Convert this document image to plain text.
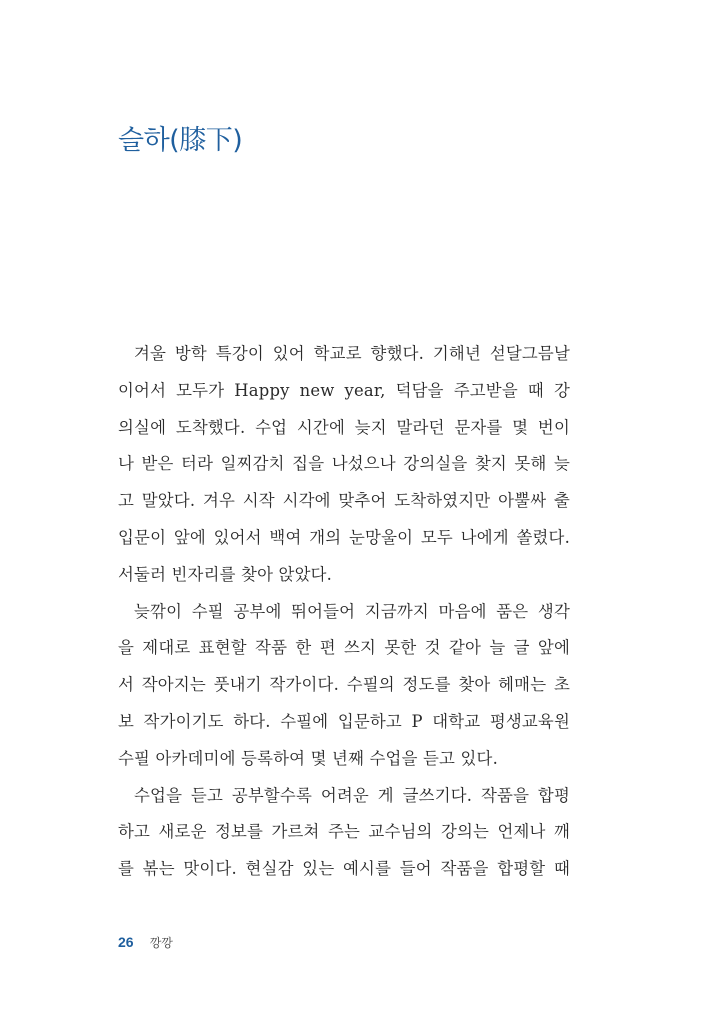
슬하(膝下)
겨울 방학 특강이 있어 학교로 향했다. 기해년 섣달그믐날
이어서 모두가 Happy new year, 덕담을 주고받을 때 강
의실에 도착했다. 수업 시간에 늦지 말라던 문자를 몇 번이
나 받은 터라 일찌감치 집을 나섰으나 강의실을 찾지 못해 늦
고 말았다. 겨우 시작 시각에 맞추어 도착하였지만 아뿔싸 출
입문이 앞에 있어서 백여 개의 눈망울이 모두 나에게 쏠렸다.
서둘러 빈자리를 찾아 앉았다.
늦깎이 수필 공부에 뛰어들어 지금까지 마음에 품은 생각
을 제대로 표현할 작품 한 편 쓰지 못한 것 같아 늘 글 앞에
서 작아지는 풋내기 작가이다. 수필의 정도를 찾아 헤매는 초
보 작가이기도 하다. 수필에 입문하고 P 대학교 평생교육원
수필 아카데미에 등록하여 몇 년째 수업을 듣고 있다.
수업을 듣고 공부할수록 어려운 게 글쓰기다. 작품을 합평
하고 새로운 정보를 가르쳐 주는 교수님의 강의는 언제나 깨
를 볶는 맛이다. 현실감 있는 예시를 들어 작품을 합평할 때
26 깡깡
